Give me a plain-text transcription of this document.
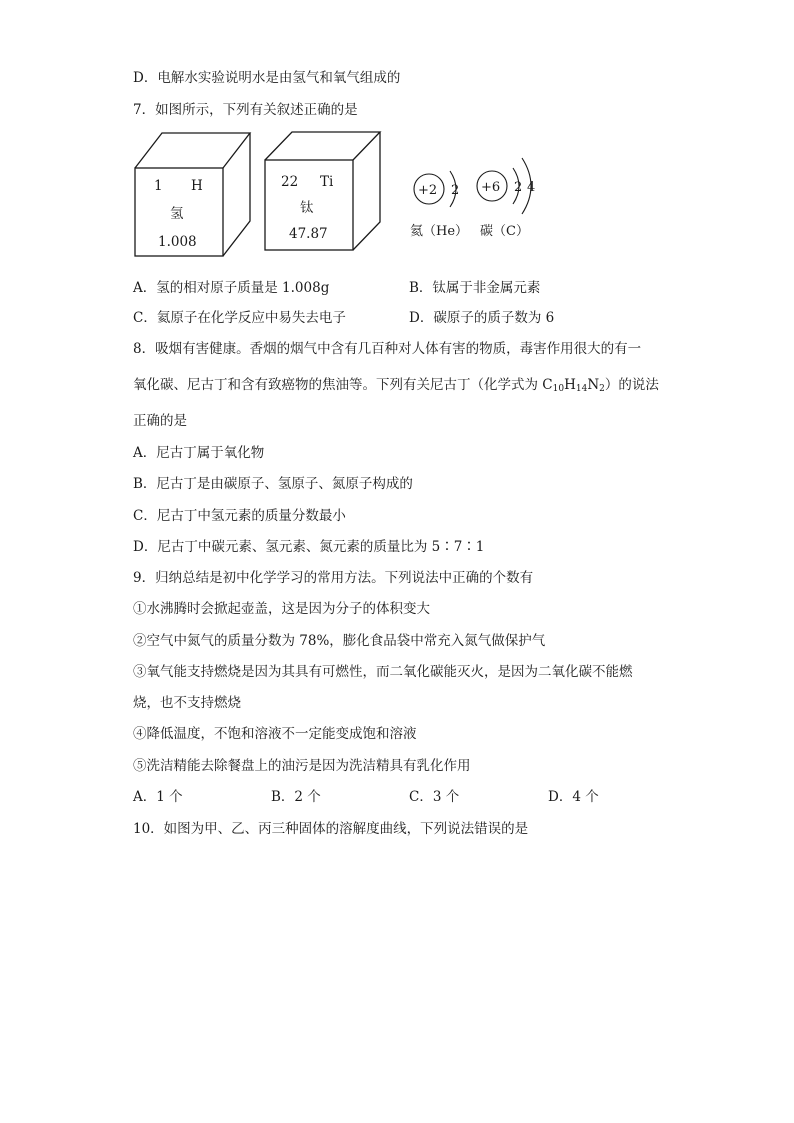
D．电解水实验说明水是由氢气和氧气组成的
7．如图所示，下列有关叙述正确的是
1 H
氢
1.008
22 Ti
钛
47.87
+2 2
氦（He）
+6 2 4
碳（C）
A．氢的相对原子质量是 1.008g	B．钛属于非金属元素
C．氦原子在化学反应中易失去电子	D．碳原子的质子数为 6
8．吸烟有害健康。香烟的烟气中含有几百种对人体有害的物质，毒害作用很大的有一
氧化碳、尼古丁和含有致癌物的焦油等。下列有关尼古丁（化学式为 $C_{10}H_{14}N_2$）的说法
正确的是
A．尼古丁属于氧化物
B．尼古丁是由碳原子、氢原子、氮原子构成的
C．尼古丁中氢元素的质量分数最小
D．尼古丁中碳元素、氢元素、氮元素的质量比为 5∶7∶1
9．归纳总结是初中化学学习的常用方法。下列说法中正确的个数有
①水沸腾时会掀起壶盖，这是因为分子的体积变大
②空气中氮气的质量分数为 78%，膨化食品袋中常充入氮气做保护气
③氧气能支持燃烧是因为其具有可燃性，而二氧化碳能灭火，是因为二氧化碳不能燃
烧，也不支持燃烧
④降低温度，不饱和溶液不一定能变成饱和溶液
⑤洗洁精能去除餐盘上的油污是因为洗洁精具有乳化作用
A．1 个	B．2 个	C．3 个	D．4 个
10．如图为甲、乙、丙三种固体的溶解度曲线，下列说法错误的是
